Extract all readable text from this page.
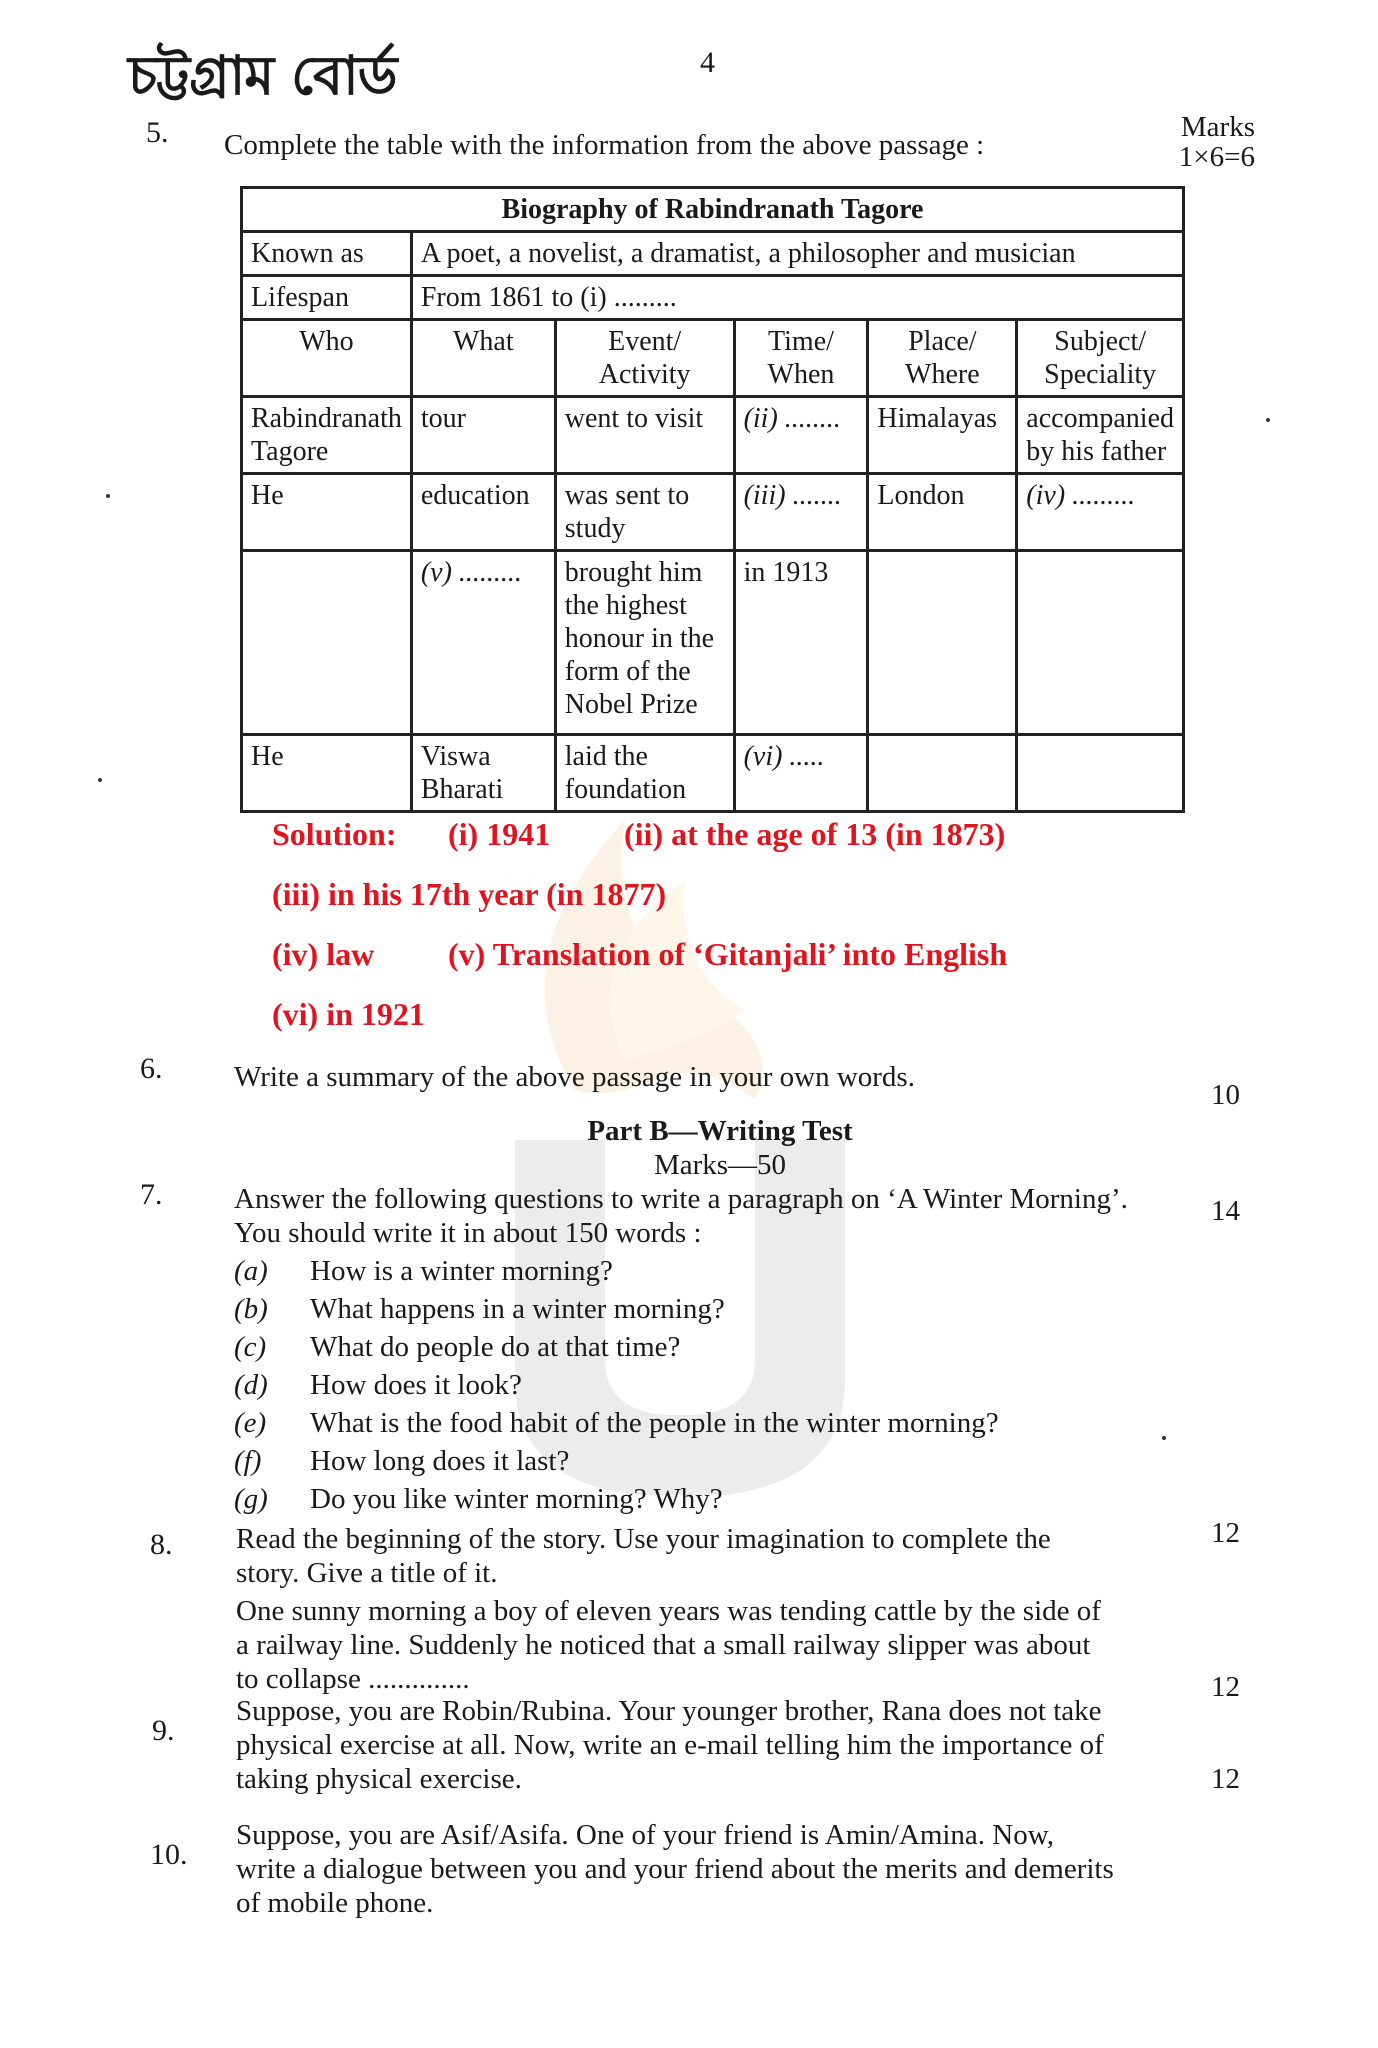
চট্টগ্রাম বোর্ড	4
5. Complete the table with the information from the above passage :
Marks
1×6=6
Biography of Rabindranath Tagore					
Known as	A poet, a novelist, a dramatist, a philosopher and musician				
Lifespan	From 1861 to (i) .........				
Who	What	Event/ Activity	Time/ When	Place/ Where	Subject/ Speciality
Rabindranath Tagore	tour	went to visit	(ii) ........	Himalayas	accompanied by his father
He	education	was sent to study	(iii) .......	London	(iv) .........
	(v) .........	brought him the highest honour in the form of the Nobel Prize	in 1913		
He	Viswa Bharati	laid the foundation	(vi) .....		
Solution: (i) 1941 (ii) at the age of 13 (in 1873)
(iii) in his 17th year (in 1877)
(iv) law (v) Translation of ‘Gitanjali’ into English
(vi) in 1921
6. Write a summary of the above passage in your own words.
10
Part B—Writing Test
Marks—50
7. Answer the following questions to write a paragraph on ‘A Winter Morning’. You should write it in about 150 words :
14
(a)	How is a winter morning?
(b)	What happens in a winter morning?
(c)	What do people do at that time?
(d)	How does it look?
(e)	What is the food habit of the people in the winter morning?
(f)	How long does it last?
(g)	Do you like winter morning? Why?
8. Read the beginning of the story. Use your imagination to complete the story. Give a title of it.
One sunny morning a boy of eleven years was tending cattle by the side of a railway line. Suddenly he noticed that a small railway slipper was about to collapse ..............
12
9.
Suppose, you are Robin/Rubina. Your younger brother, Rana does not take physical exercise at all. Now, write an e-mail telling him the importance of taking physical exercise.
12
10.
Suppose, you are Asif/Asifa. One of your friend is Amin/Amina. Now, write a dialogue between you and your friend about the merits and demerits of mobile phone.
12
